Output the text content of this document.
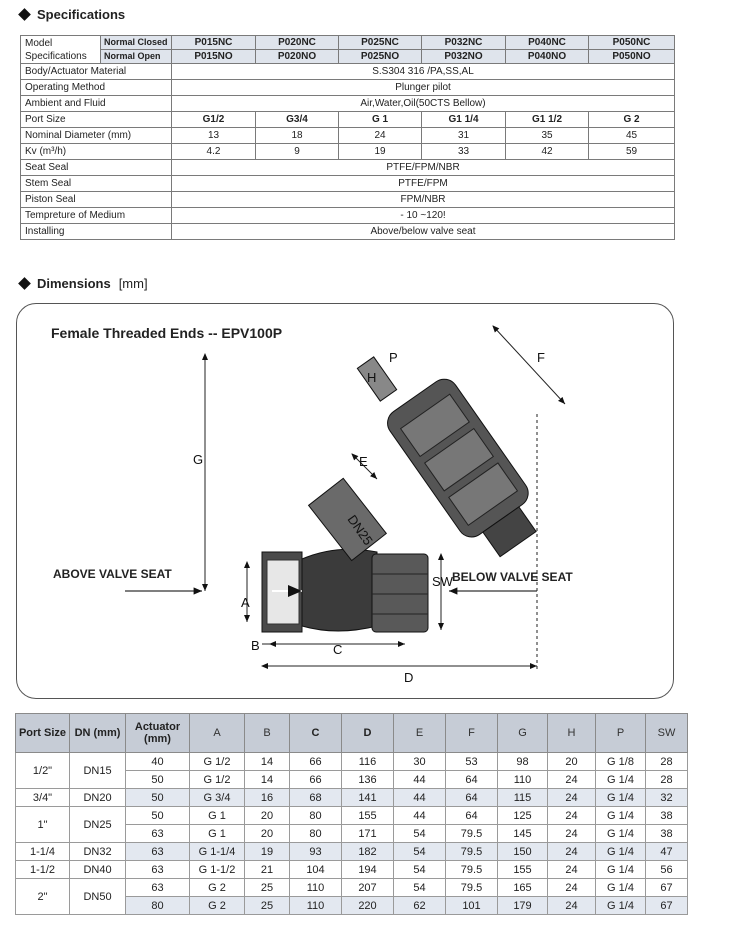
Specifications
Model Specifications	Normal Closed	P015NC	P020NC	P025NC	P032NC	P040NC	P050NC
	Normal Open	P015NO	P020NO	P025NO	P032NO	P040NO	P050NO
Body/Actuator Material		S.S304 316 /PA,SS,AL					
Operating Method		Plunger pilot					
Ambient and Fluid		Air,Water,Oil(50CTS Bellow)					
Port Size		G1/2	G3/4	G 1	G1 1/4	G1 1/2	G 2
Nominal Diameter (mm)		13	18	24	31	35	45
Kv (m³/h)		4.2	9	19	33	42	59
Seat Seal		PTFE/FPM/NBR					
Stem Seal		PTFE/FPM					
Piston Seal		FPM/NBR					
Tempreture of Medium		- 10 ~120!					
Installing		Above/below valve seat					
Dimensions [mm]
Female Threaded Ends -- EPV100P
ABOVE VALVE SEAT	BELOW VALVE SEAT
DN25
G
A
B	C
D
E
F
H
P
SW
Port Size	DN (mm)	Actuator (mm)	A	B	C	D	E	F	G	H	P	SW
1/2"	DN15	40	G 1/2	14	66	116	30	53	98	20	G 1/8	28
		50	G 1/2	14	66	136	44	64	110	24	G 1/4	28
3/4"	DN20	50	G 3/4	16	68	141	44	64	115	24	G 1/4	32
1"	DN25	50	G 1	20	80	155	44	64	125	24	G 1/4	38
		63	G 1	20	80	171	54	79.5	145	24	G 1/4	38
1-1/4	DN32	63	G 1-1/4	19	93	182	54	79.5	150	24	G 1/4	47
1-1/2	DN40	63	G 1-1/2	21	104	194	54	79.5	155	24	G 1/4	56
2"	DN50	63	G 2	25	110	207	54	79.5	165	24	G 1/4	67
		80	G 2	25	110	220	62	101	179	24	G 1/4	67
